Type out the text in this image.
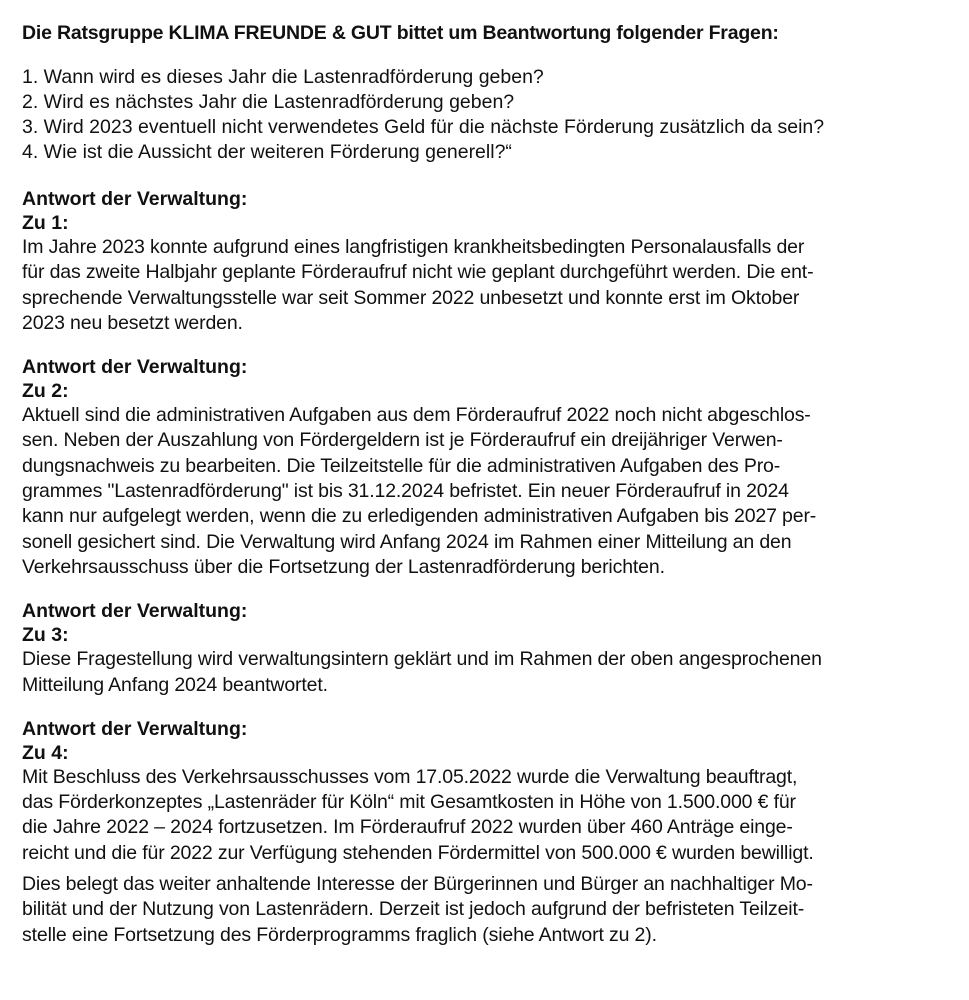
Die Ratsgruppe KLIMA FREUNDE & GUT bittet um Beantwortung folgender Fragen:
1. Wann wird es dieses Jahr die Lastenradförderung geben?
2. Wird es nächstes Jahr die Lastenradförderung geben?
3. Wird 2023 eventuell nicht verwendetes Geld für die nächste Förderung zusätzlich da sein?
4. Wie ist die Aussicht der weiteren Förderung generell?“
Antwort der Verwaltung:
Zu 1:

Im Jahre 2023 konnte aufgrund eines langfristigen krankheitsbedingten Personalausfalls der
für das zweite Halbjahr geplante Förderaufruf nicht wie geplant durchgeführt werden. Die ent-
sprechende Verwaltungsstelle war seit Sommer 2022 unbesetzt und konnte erst im Oktober
2023 neu besetzt werden.

Antwort der Verwaltung:
Zu 2:

Aktuell sind die administrativen Aufgaben aus dem Förderaufruf 2022 noch nicht abgeschlos-
sen. Neben der Auszahlung von Fördergeldern ist je Förderaufruf ein dreijähriger Verwen-
dungsnachweis zu bearbeiten. Die Teilzeitstelle für die administrativen Aufgaben des Pro-
grammes "Lastenradförderung" ist bis 31.12.2024 befristet. Ein neuer Förderaufruf in 2024
kann nur aufgelegt werden, wenn die zu erledigenden administrativen Aufgaben bis 2027 per-
sonell gesichert sind. Die Verwaltung wird Anfang 2024 im Rahmen einer Mitteilung an den
Verkehrsausschuss über die Fortsetzung der Lastenradförderung berichten.

Antwort der Verwaltung:
Zu 3:

Diese Fragestellung wird verwaltungsintern geklärt und im Rahmen der oben angesprochenen
Mitteilung Anfang 2024 beantwortet.

Antwort der Verwaltung:
Zu 4:

Mit Beschluss des Verkehrsausschusses vom 17.05.2022 wurde die Verwaltung beauftragt,
das Förderkonzeptes „Lastenräder für Köln“ mit Gesamtkosten in Höhe von 1.500.000 € für
die Jahre 2022 – 2024 fortzusetzen. Im Förderaufruf 2022 wurden über 460 Anträge einge-
reicht und die für 2022 zur Verfügung stehenden Fördermittel von 500.000 € wurden bewilligt.

Dies belegt das weiter anhaltende Interesse der Bürgerinnen und Bürger an nachhaltiger Mo-
bilität und der Nutzung von Lastenrädern. Derzeit ist jedoch aufgrund der befristeten Teilzeit-
stelle eine Fortsetzung des Förderprogramms fraglich (siehe Antwort zu 2).
